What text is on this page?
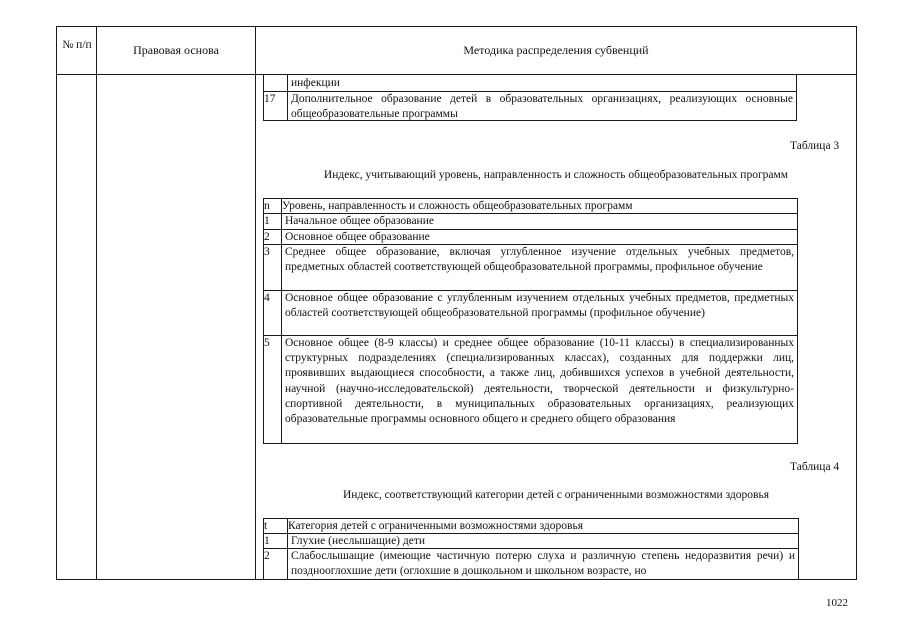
№ п/п	Правовая основа	Методика распределения субвенций
инфекции
17	Дополнительное образование детей в образовательных организациях, реализующих основные общеобразовательные программы
Таблица 3
Индекс, учитывающий уровень, направленность и сложность общеобразовательных программ
n	Уровень, направленность и сложность общеобразовательных программ
1	Начальное общее образование
2	Основное общее образование
3	Среднее общее образование, включая углубленное изучение отдельных учебных предметов, предметных областей соответствующей общеобразовательной программы, профильное обучение
4	Основное общее образование с углубленным изучением отдельных учебных предметов, предметных областей соответствующей общеобразовательной программы (профильное обучение)
5	Основное общее (8-9 классы) и среднее общее образование (10-11 классы) в специализированных структурных подразделениях (специализированных классах), созданных для поддержки лиц, проявивших выдающиеся способности, а также лиц, добившихся успехов в учебной деятельности, научной (научно-исследовательской) деятельности, творческой деятельности и физкультурно-спортивной деятельности, в муниципальных образовательных организациях, реализующих образовательные программы основного общего и среднего общего образования
Таблица 4
Индекс, соответствующий категории детей с ограниченными возможностями здоровья
t	Категория детей с ограниченными возможностями здоровья
1	Глухие (неслышащие) дети
2	Слабослышащие (имеющие частичную потерю слуха и различную степень недоразвития речи) и позднооглохшие дети (оглохшие в дошкольном и школьном возрасте, но
1022
